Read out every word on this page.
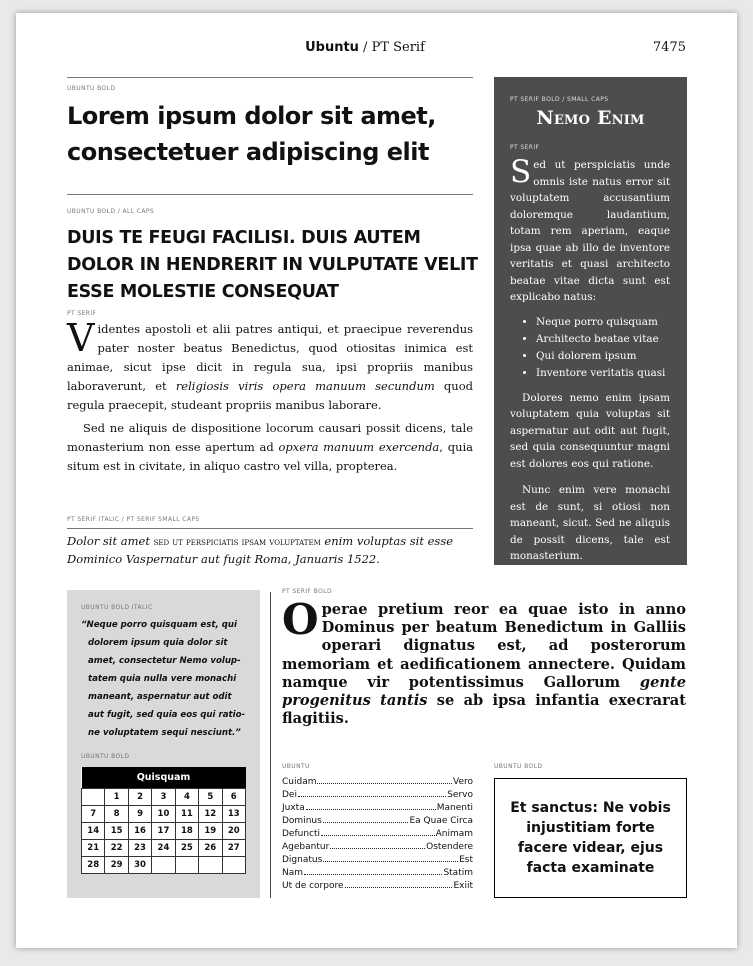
Ubuntu / PT Serif	7475
UBUNTU BOLD
Lorem ipsum dolor sit amet, consectetuer adipiscing elit
UBUNTU BOLD / ALL CAPS
DUIS TE FEUGI FACILISI. DUIS AUTEM DOLOR IN HENDRERIT IN VULPUTATE VELIT ESSE MOLESTIE CONSEQUAT
PT SERIF

Videntes apostoli et alii patres antiqui, et praecipue reverendus pater noster beatus Benedictus, quod otiositas inimica est animae, sicut ipse dicit in regula sua, ipsi propriis manibus laboraverunt, et religiosis viris opera manuum secundum quod regula praecepit, studeant propriis manibus laborare.

Sed ne aliquis de dispositione locorum causari possit dicens, tale monasterium non esse apertum ad opxera manuum exercenda, quia situm est in civitate, in aliquo castro vel villa, propterea.

PT SERIF ITALIC / PT SERIF SMALL CAPS
Dolor sit amet sed ut perspiciatis ipsam voluptatem enim voluptas sit esse Dominico Vaspernatur aut fugit Roma, Januaris 1522.
PT SERIF BOLD / SMALL CAPS
Nemo Enim
PT SERIF

Sed ut perspiciatis unde omnis iste natus error sit voluptatem accusantium doloremque laudantium, totam rem aperiam, eaque ipsa quae ab illo de inventore veritatis et quasi architecto beatae vitae dicta sunt est explicabo natus:

• Neque porro quisquam
• Architecto beatae vitae
• Qui dolorem ipsum
• Inventore veritatis quasi

Dolores nemo enim ipsam voluptatem quia voluptas sit aspernatur aut odit aut fugit, sed quia consequuntur magni est dolores eos qui ratione.

Nunc enim vere monachi est de sunt, si otiosi non maneant, sicut. Sed ne aliquis de possit dicens, tale est monasterium.

UBUNTU BOLD ITALIC
“Neque porro quisquam est, qui
dolorem ipsum quia dolor sit
amet, consectetur Nemo volup-
tatem quia nulla vere monachi
maneant, aspernatur aut odit
aut fugit, sed quia eos qui ratio-
ne voluptatem sequi nesciunt.”
UBUNTU BOLD
Quisquam						
	1	2	3	4	5	6
7	8	9	10	11	12	13
14	15	16	17	18	19	20
21	22	23	24	25	26	27
28	29	30				
PT SERIF BOLD
Operae pretium reor ea quae isto in anno Dominus per beatum Benedictum in Galliis operari dignatus est, ad posterorum memoriam et aedificationem annectere. Quidam namque vir potentissimus Gallorum gente progenitus tantis se ab ipsa infantia execrarat flagitiis.
UBUNTU
Cuidam	Vero
Dei	Servo
Juxta	Manenti
Dominus	Ea Quae Circa
Defuncti	Animam
Agebantur	Ostendere
Dignatus	Est
Nam	Statim
Ut de corpore	Exiit
UBUNTU BOLD
Et sanctus: Ne vobis injustitiam forte facere videar, ejus facta examinate
